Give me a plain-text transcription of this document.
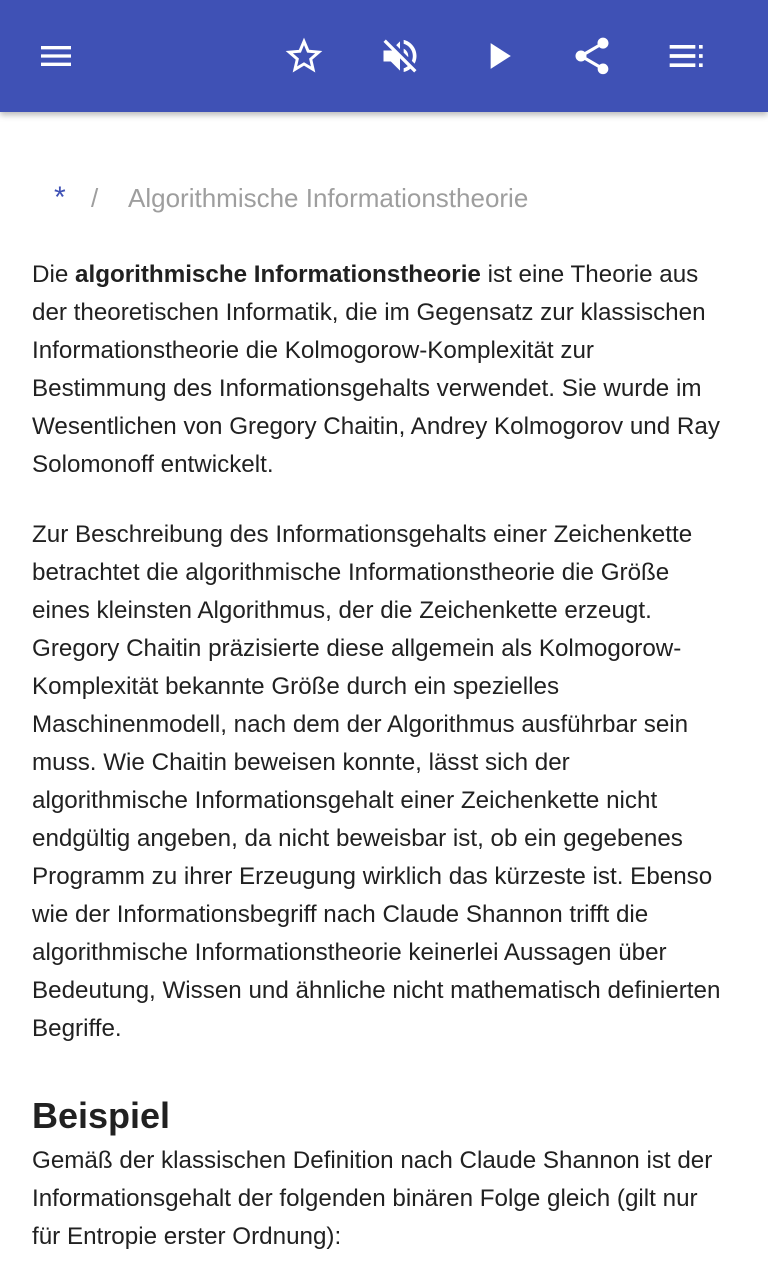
* / Algorithmische Informationstheorie

Die algorithmische Informationstheorie ist eine Theorie aus der theoretischen Informatik, die im Gegensatz zur klassischen Informationstheorie die Kolmogorow-Komplexität zur Bestimmung des Informationsgehalts verwendet. Sie wurde im Wesentlichen von Gregory Chaitin, Andrey Kolmogorov und Ray Solomonoff entwickelt.

Zur Beschreibung des Informationsgehalts einer Zeichenkette betrachtet die algorithmische Informationstheorie die Größe eines kleinsten Algorithmus, der die Zeichenkette erzeugt. Gregory Chaitin präzisierte diese allgemein als Kolmogorow-Komplexität bekannte Größe durch ein spezielles Maschinenmodell, nach dem der Algorithmus ausführbar sein muss. Wie Chaitin beweisen konnte, lässt sich der algorithmische Informationsgehalt einer Zeichenkette nicht endgültig angeben, da nicht beweisbar ist, ob ein gegebenes Programm zu ihrer Erzeugung wirklich das kürzeste ist. Ebenso wie der Informationsbegriff nach Claude Shannon trifft die algorithmische Informationstheorie keinerlei Aussagen über Bedeutung, Wissen und ähnliche nicht mathematisch definierten Begriffe.

Beispiel

Gemäß der klassischen Definition nach Claude Shannon ist der Informationsgehalt der folgenden binären Folge gleich (gilt nur für Entropie erster Ordnung):
